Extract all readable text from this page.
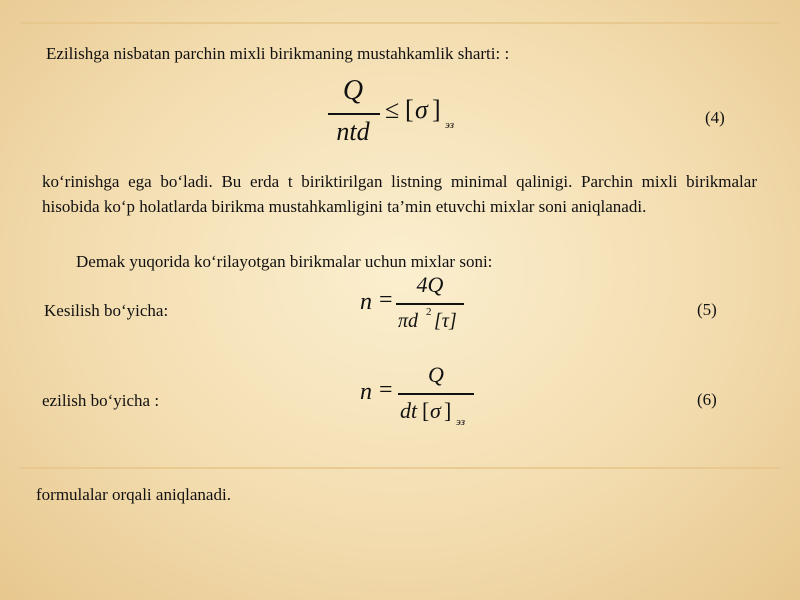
Ezilishga nisbatan parchin mixli birikmaning mustahkamlik sharti: :
Q
ntd
≤ [ σ ]
эз	(4)
ko‘rinishga ega bo‘ladi. Bu erda t biriktirilgan listning minimal qalinigi. Parchin mixli birikmalar hisobida ko‘p holatlarda birikma mustahkamligini ta’min etuvchi mixlar soni aniqlanadi.
Demak yuqorida ko‘rilayotgan birikmalar uchun mixlar soni:
Kesilish bo‘yicha:	n =
4Q
πd 2 [τ]
(5)
ezilish bo‘yicha :	n =
Q
dt [ σ ] эз
(6)
formulalar orqali aniqlanadi.
